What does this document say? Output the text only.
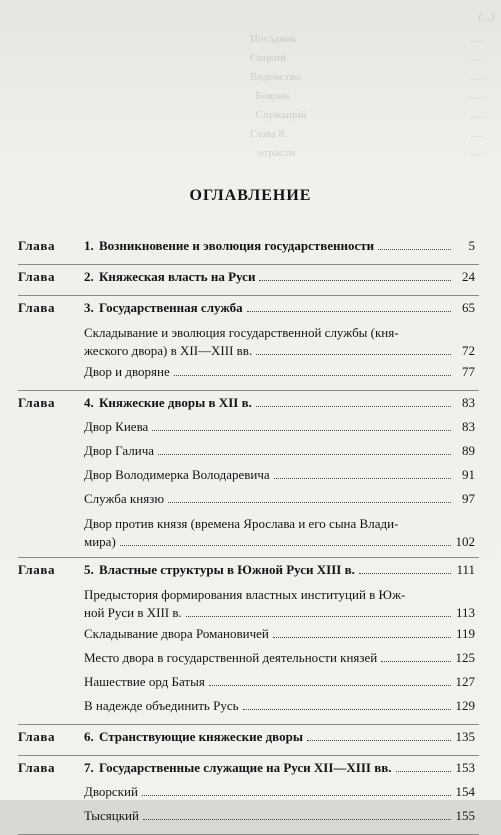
(...)
Посадник	.....
Соцкий	.....
Ведомство	.....
Боярин	.....
Служащий	.....
Глава 8.	.....
отрасли	.....
ОГЛАВЛЕНИЕ
Глава	1. Возникновение и эволюция государственности	5
Глава	2. Княжеская власть на Руси	24
Глава	3. Государственная служба	65
Складывание и эволюция государственной службы (кня-
жеского двора) в XII—XIII вв.	72
Двор и дворяне	77
Глава	4. Княжеские дворы в XII в.	83
Двор Киева	83
Двор Галича	89
Двор Володимерка Володаревича	91
Служба князю	97
Двор против князя (времена Ярослава и его сына Влади-
мира)	102
Глава	5. Властные структуры в Южной Руси XIII в.	111
Предыстория формирования властных институций в Юж-
ной Руси в XIII в.	113
Складывание двора Романовичей	119
Место двора в государственной деятельности князей	125
Нашествие орд Батыя	127
В надежде объединить Русь	129
Глава	6. Странствующие княжеские дворы	135
Глава	7. Государственные служащие на Руси XII—XIII вв.	153
Дворский	154
Тысяцкий	155
